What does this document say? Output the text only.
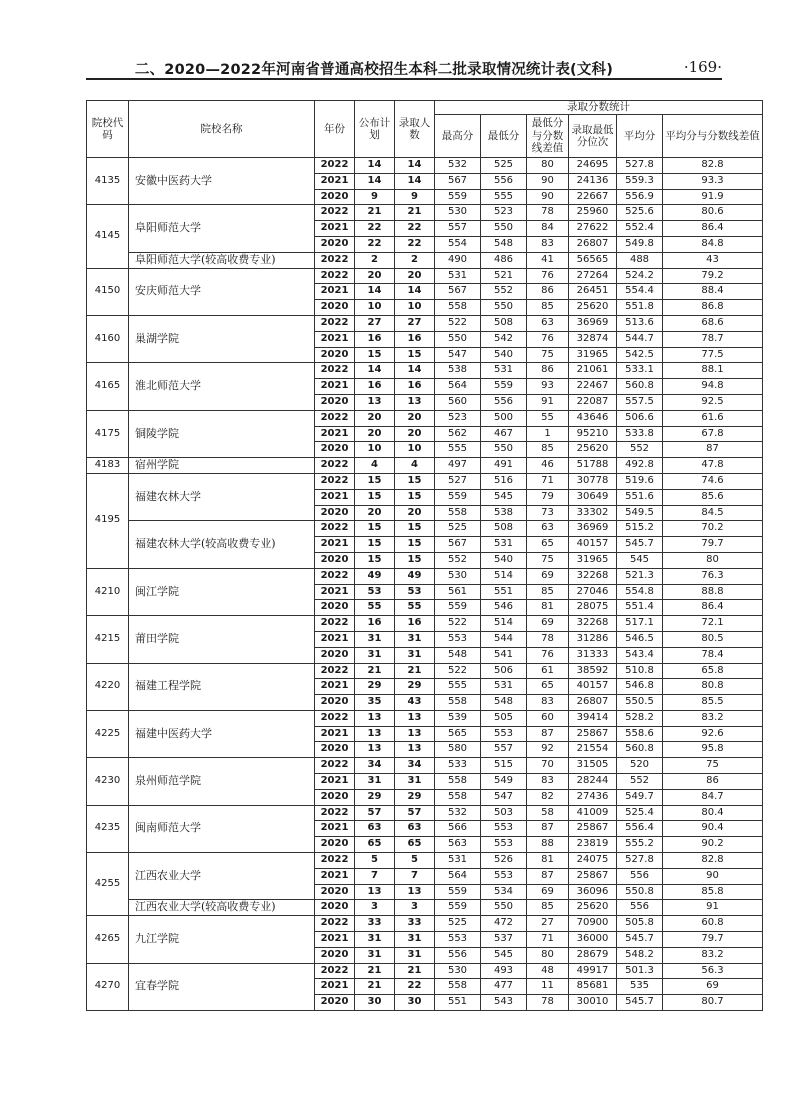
二、2020—2022年河南省普通高校招生本科二批录取情况统计表(文科)	·169·
院校代码	院校名称	年份	公布计划	录取人数	录取分数统计					
					最高分	最低分	最低分与分数线差值	录取最低分位次	平均分	平均分与分数线差值

4135	安徽中医药大学	2022	14	14	532	525	80	24695	527.8	82.8
		2021	14	14	567	556	90	24136	559.3	93.3
		2020	9	9	559	555	90	22667	556.9	91.9
4145	阜阳师范大学	2022	21	21	530	523	78	25960	525.6	80.6
		2021	22	22	557	550	84	27622	552.4	86.4
		2020	22	22	554	548	83	26807	549.8	84.8
	阜阳师范大学(较高收费专业)	2022	2	2	490	486	41	56565	488	43
4150	安庆师范大学	2022	20	20	531	521	76	27264	524.2	79.2
		2021	14	14	567	552	86	26451	554.4	88.4
		2020	10	10	558	550	85	25620	551.8	86.8
4160	巢湖学院	2022	27	27	522	508	63	36969	513.6	68.6
		2021	16	16	550	542	76	32874	544.7	78.7
		2020	15	15	547	540	75	31965	542.5	77.5
4165	淮北师范大学	2022	14	14	538	531	86	21061	533.1	88.1
		2021	16	16	564	559	93	22467	560.8	94.8
		2020	13	13	560	556	91	22087	557.5	92.5
4175	铜陵学院	2022	20	20	523	500	55	43646	506.6	61.6
		2021	20	20	562	467	1	95210	533.8	67.8
		2020	10	10	555	550	85	25620	552	87
4183	宿州学院	2022	4	4	497	491	46	51788	492.8	47.8
4195	福建农林大学	2022	15	15	527	516	71	30778	519.6	74.6
		2021	15	15	559	545	79	30649	551.6	85.6
		2020	20	20	558	538	73	33302	549.5	84.5
	福建农林大学(较高收费专业)	2022	15	15	525	508	63	36969	515.2	70.2
		2021	15	15	567	531	65	40157	545.7	79.7
		2020	15	15	552	540	75	31965	545	80
4210	闽江学院	2022	49	49	530	514	69	32268	521.3	76.3
		2021	53	53	561	551	85	27046	554.8	88.8
		2020	55	55	559	546	81	28075	551.4	86.4
4215	莆田学院	2022	16	16	522	514	69	32268	517.1	72.1
		2021	31	31	553	544	78	31286	546.5	80.5
		2020	31	31	548	541	76	31333	543.4	78.4
4220	福建工程学院	2022	21	21	522	506	61	38592	510.8	65.8
		2021	29	29	555	531	65	40157	546.8	80.8
		2020	35	43	558	548	83	26807	550.5	85.5
4225	福建中医药大学	2022	13	13	539	505	60	39414	528.2	83.2
		2021	13	13	565	553	87	25867	558.6	92.6
		2020	13	13	580	557	92	21554	560.8	95.8
4230	泉州师范学院	2022	34	34	533	515	70	31505	520	75
		2021	31	31	558	549	83	28244	552	86
		2020	29	29	558	547	82	27436	549.7	84.7
4235	闽南师范大学	2022	57	57	532	503	58	41009	525.4	80.4
		2021	63	63	566	553	87	25867	556.4	90.4
		2020	65	65	563	553	88	23819	555.2	90.2
4255	江西农业大学	2022	5	5	531	526	81	24075	527.8	82.8
		2021	7	7	564	553	87	25867	556	90
		2020	13	13	559	534	69	36096	550.8	85.8
	江西农业大学(较高收费专业)	2020	3	3	559	550	85	25620	556	91
4265	九江学院	2022	33	33	525	472	27	70900	505.8	60.8
		2021	31	31	553	537	71	36000	545.7	79.7
		2020	31	31	556	545	80	28679	548.2	83.2
4270	宜春学院	2022	21	21	530	493	48	49917	501.3	56.3
		2021	21	22	558	477	11	85681	535	69
		2020	30	30	551	543	78	30010	545.7	80.7
